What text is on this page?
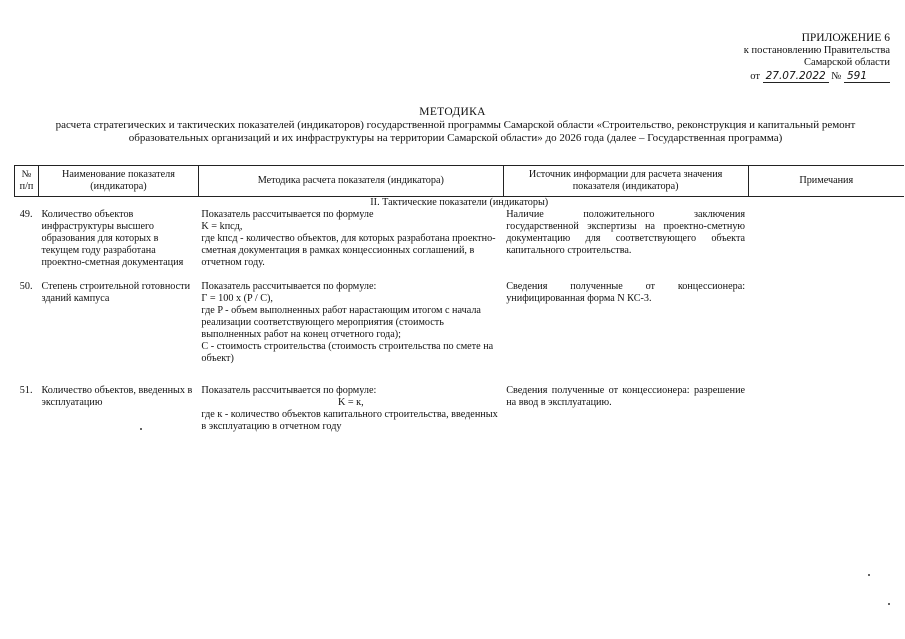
ПРИЛОЖЕНИЕ 6
к постановлению Правительства
Самарской области
от 27.07.2022 № 591
МЕТОДИКА
расчета стратегических и тактических показателей (индикаторов) государственной программы Самарской области «Строительство, реконструкция и капитальный ремонт образовательных организаций и их инфраструктуры на территории Самарской области» до 2026 года (далее – Государственная программа)
№ п/п	Наименование показателя (индикатора)	Методика расчета показателя (индикатора)	Источник информации для расчета значения показателя (индикатора)	Примечания
II. Тактические показатели (индикаторы)				
49.	Количество объектов инфраструктуры высшего образования для которых в текущем году разработана проектно-сметная документация	Показатель рассчитывается по формуле
K = kпсд,
где kпсд - количество объектов, для которых разработана проектно-сметная документация в рамках концессионных соглашений, в отчетном году.	Наличие положительного заключения государственной экспертизы на проектно-сметную документацию для соответствующего объекта капитального строительства.	
50.	Степень строительной готовности зданий кампуса	Показатель рассчитывается по формуле:
Г = 100 x (P / C),
где P - объем выполненных работ нарастающим итогом с начала реализации соответствующего мероприятия (стоимость выполненных работ на конец отчетного года);
C - стоимость строительства (стоимость строительства по смете на объект)	Сведения полученные от концессионера: унифицированная форма N КС-3.	
51.	Количество объектов, введенных в эксплуатацию	Показатель рассчитывается по формуле:
K = к,
где к - количество объектов капитального строительства, введенных в эксплуатацию в отчетном году	Сведения полученные от концессионера: разрешение на ввод в эксплуатацию.	
